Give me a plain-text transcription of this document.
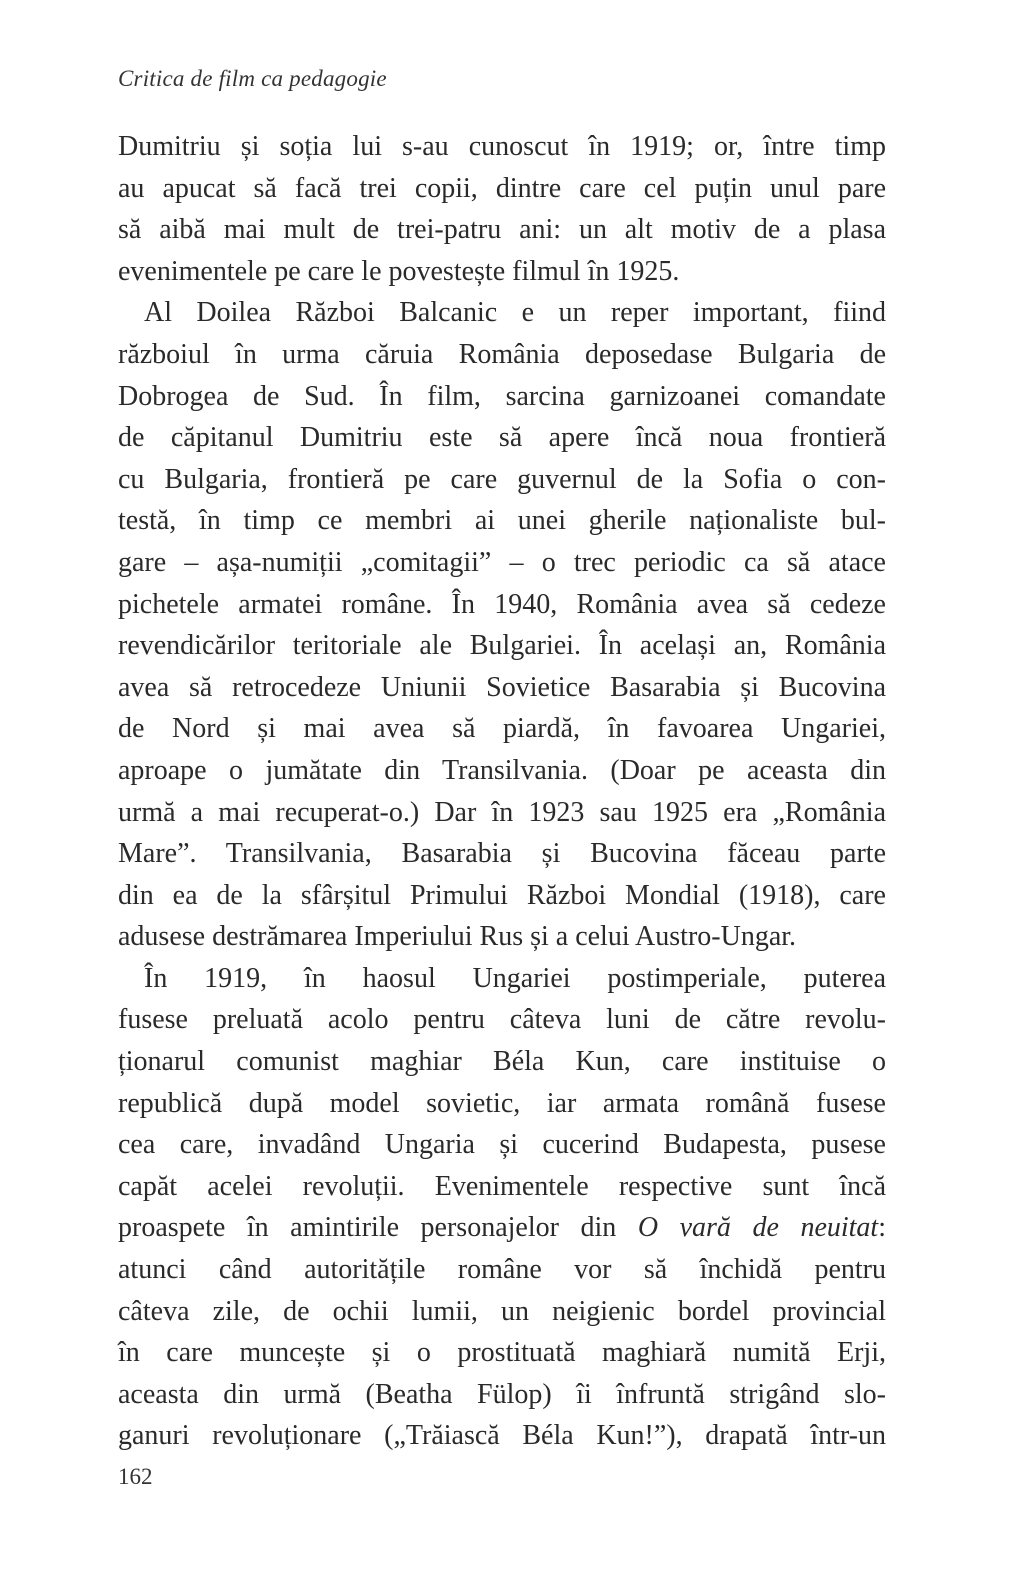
Critica de film ca pedagogie
Dumitriu și soția lui s-au cunoscut în 1919; or, între timp
au apucat să facă trei copii, dintre care cel puțin unul pare
să aibă mai mult de trei-patru ani: un alt motiv de a plasa
evenimentele pe care le povestește filmul în 1925.
Al Doilea Război Balcanic e un reper important, fiind
războiul în urma căruia România deposedase Bulgaria de
Dobrogea de Sud. În film, sarcina garnizoanei comandate
de căpitanul Dumitriu este să apere încă noua frontieră
cu Bulgaria, frontieră pe care guvernul de la Sofia o con-
testă, în timp ce membri ai unei gherile naționaliste bul-
gare – așa-numiții „comitagii” – o trec periodic ca să atace
pichetele armatei române. În 1940, România avea să cedeze
revendicărilor teritoriale ale Bulgariei. În același an, România
avea să retrocedeze Uniunii Sovietice Basarabia și Bucovina
de Nord și mai avea să piardă, în favoarea Ungariei,
aproape o jumătate din Transilvania. (Doar pe aceasta din
urmă a mai recuperat-o.) Dar în 1923 sau 1925 era „România
Mare”. Transilvania, Basarabia și Bucovina făceau parte
din ea de la sfârșitul Primului Război Mondial (1918), care
adusese destrămarea Imperiului Rus și a celui Austro-Ungar.
În 1919, în haosul Ungariei postimperiale, puterea
fusese preluată acolo pentru câteva luni de către revolu-
ționarul comunist maghiar Béla Kun, care instituise o
republică după model sovietic, iar armata română fusese
cea care, invadând Ungaria și cucerind Budapesta, pusese
capăt acelei revoluții. Evenimentele respective sunt încă
proaspete în amintirile personajelor din O vară de neuitat:
atunci când autoritățile române vor să închidă pentru
câteva zile, de ochii lumii, un neigienic bordel provincial
în care muncește și o prostituată maghiară numită Erji,
aceasta din urmă (Beatha Fülop) îi înfruntă strigând slo-
ganuri revoluționare („Trăiască Béla Kun!”), drapată într-un
162
